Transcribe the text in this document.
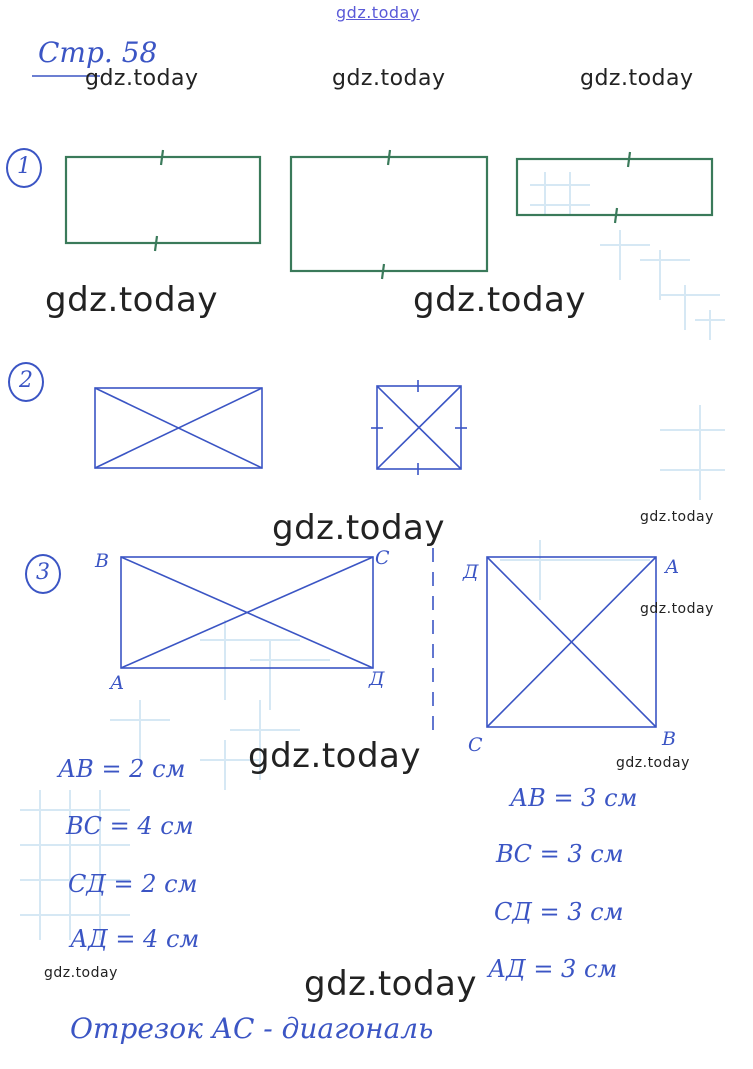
gdz.today
gdz.today	gdz.today	gdz.today
gdz.today	gdz.today
gdz.today
gdz.today
gdz.today
gdz.today
gdz.today
gdz.today
gdz.today
Стр. 58
1
2
3	В	С
А	Д
Д	А
С	В
АВ = 2 см
ВС = 4 см
СД = 2 см
АД = 4 см
АВ = 3 см
ВС = 3 см
СД = 3 см
АД = 3 см
Отрезок АС - диагональ
